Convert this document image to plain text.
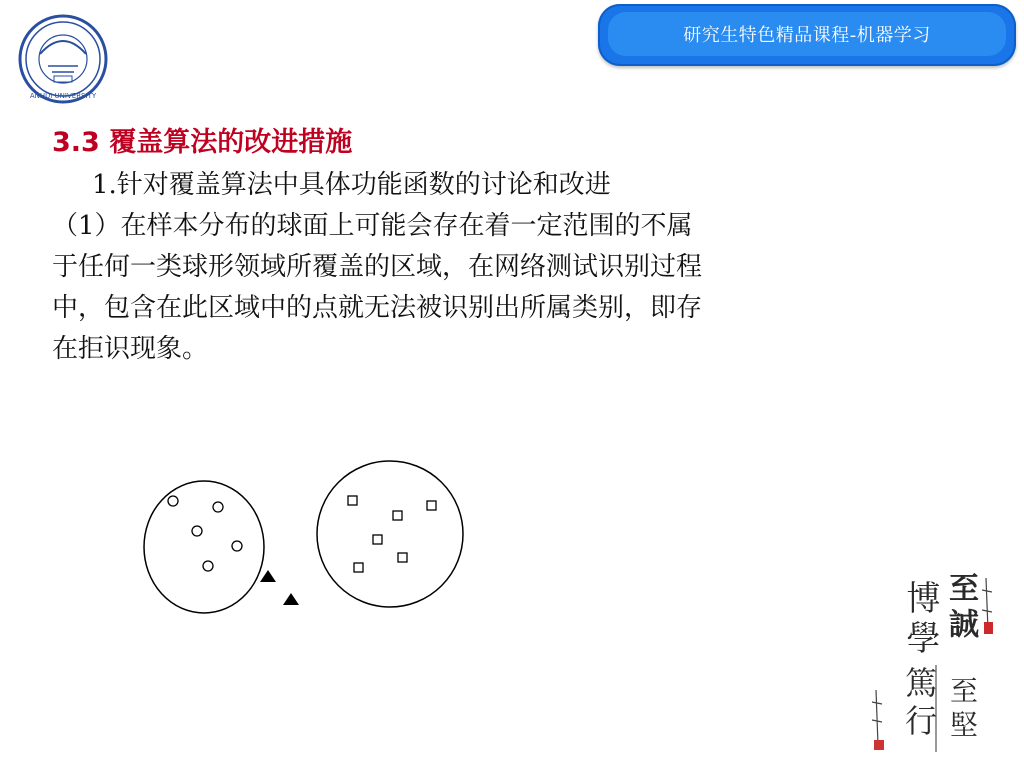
ANHUI UNIVERSITY
研究生特色精品课程-机器学习
3.3 覆盖算法的改进措施
1.针对覆盖算法中具体功能函数的讨论和改进
（1）在样本分布的球面上可能会存在着一定范围的不属
于任何一类球形领域所覆盖的区域，在网络测试识别过程
中，包含在此区域中的点就无法被识别出所属类别，即存
在拒识现象。
博學 至誠
篤行 至堅
